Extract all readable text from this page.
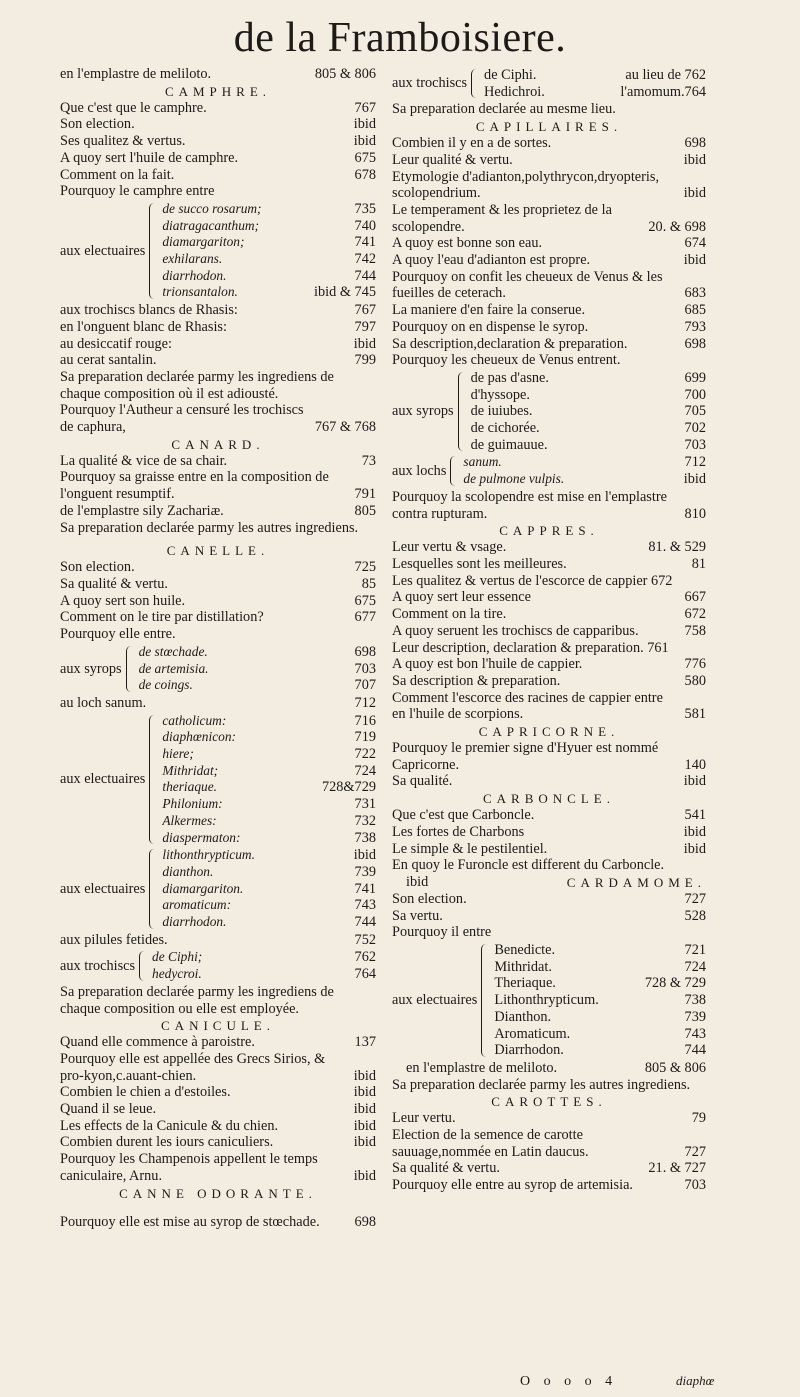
de la Framboisiere.
en l'emplastre de meliloto.	805 & 806
CAMPHRE.
Que c'est que le camphre.	767
Son election.	ibid
Ses qualitez & vertus.	ibid
A quoy sert l'huile de camphre.	675
Comment on la fait.	678
Pourquoy le camphre entre
aux electuaires
de succo rosarum;	735
diatragacanthum;	740
diamargariton;	741
exhilarans.	742
diarrhodon.	744
trionsantalon.	ibid & 745
aux trochiscs blancs de Rhasis:	767
en l'onguent blanc de Rhasis:	797
au desiccatif rouge:	ibid
au cerat santalin.	799
Sa preparation declarée parmy les ingrediens de chaque composition où il est adiousté.
Pourquoy l'Autheur a censuré les trochiscs de caphura,	767 & 768
CANARD.
La qualité & vice de sa chair.	73
Pourquoy sa graisse entre en la composition de l'onguent resumptif.	791
de l'emplastre sily Zachariæ.	805
Sa preparation declarée parmy les autres ingrediens.
CANELLE.
Son election.	725
Sa qualité & vertu.	85
A quoy sert son huile.	675
Comment on le tire par distillation?	677
Pourquoy elle entre.
aux syrops
de stœchade.	698
de artemisia.	703
de coings.	707
au loch sanum.	712
aux electuaires
catholicum:	716
diaphœnicon:	719
hiere;	722
Mithridat;	724
theriaque.	728&729
Philonium:	731
Alkermes:	732
diaspermaton:	738
aux electuaires
lithonthrypticum.	ibid
dianthon.	739
diamargariton.	741
aromaticum:	743
diarrhodon.	744
aux pilules fetides.	752
aux trochiscs
de Ciphi;	762
hedycroi.	764
Sa preparation declarée parmy les ingrediens de chaque composition ou elle est employée.
CANICULE.
Quand elle commence à paroistre.	137
Pourquoy elle est appellée des Grecs Sirios, & pro-kyon,c.auant-chien.	ibid
Combien le chien a d'estoiles.	ibid
Quand il se leue.	ibid
Les effects de la Canicule & du chien.	ibid
Combien durent les iours caniculiers.	ibid
Pourquoy les Champenois appellent le temps caniculaire, Arnu.	ibid
CANNE ODORANTE.
Pourquoy elle est mise au syrop de stœchade.	698
aux trochiscs
de Ciphi.	au lieu de 762
Hedichroi.	l'amomum.764
Sa preparation declarée au mesme lieu.
CAPILLAIRES.
Combien il y en a de sortes.	698
Leur qualité & vertu.	ibid
Etymologie d'adianton,polythrycon,dryopteris, scolopendrium.	ibid
Le temperament & les proprietez de la scolopendre.	20. & 698
A quoy est bonne son eau.	674
A quoy l'eau d'adianton est propre.	ibid
Pourquoy on confit les cheueux de Venus & les fueilles de ceterach.	683
La maniere d'en faire la conserue.	685
Pourquoy on en dispense le syrop.	793
Sa description,declaration & preparation.	698
Pourquoy les cheueux de Venus entrent.
aux syrops
de pas d'asne.	699
d'hyssope.	700
de iuiubes.	705
de cichorée.	702
de guimauue.	703
aux lochs
sanum.	712
de pulmone vulpis.	ibid
Pourquoy la scolopendre est mise en l'emplastre contra rupturam.	810
CAPPRES.
Leur vertu & vsage.	81. & 529
Lesquelles sont les meilleures.	81
Les qualitez & vertus de l'escorce de cappier 672
A quoy sert leur essence	667
Comment on la tire.	672
A quoy seruent les trochiscs de capparibus.	758
Leur description, declaration & preparation. 761
A quoy est bon l'huile de cappier.	776
Sa description & preparation.	580
Comment l'escorce des racines de cappier entre en l'huile de scorpions.	581
CAPRICORNE.
Pourquoy le premier signe d'Hyuer est nommé Capricorne.	140
Sa qualité.	ibid
CARBONCLE.
Que c'est que Carboncle.	541
Les fortes de Charbons	ibid
Le simple & le pestilentiel.	ibid
En quoy le Furoncle est different du Carboncle.
ibid	CARDAMOME.
Son election.	727
Sa vertu.	528
Pourquoy il entre
aux electuaires
Benedicte.	721
Mithridat.	724
Theriaque.	728 & 729
Lithonthrypticum.	738
Dianthon.	739
Aromaticum.	743
Diarrhodon.	744
en l'emplastre de meliloto.	805 & 806
Sa preparation declarée parmy les autres ingrediens.
CAROTTES.
Leur vertu.	79
Election de la semence de carotte sauuage,nommée en Latin daucus.	727
Sa qualité & vertu.	21. & 727
Pourquoy elle entre au syrop de artemisia.	703
O o o o 4	diaphœ
